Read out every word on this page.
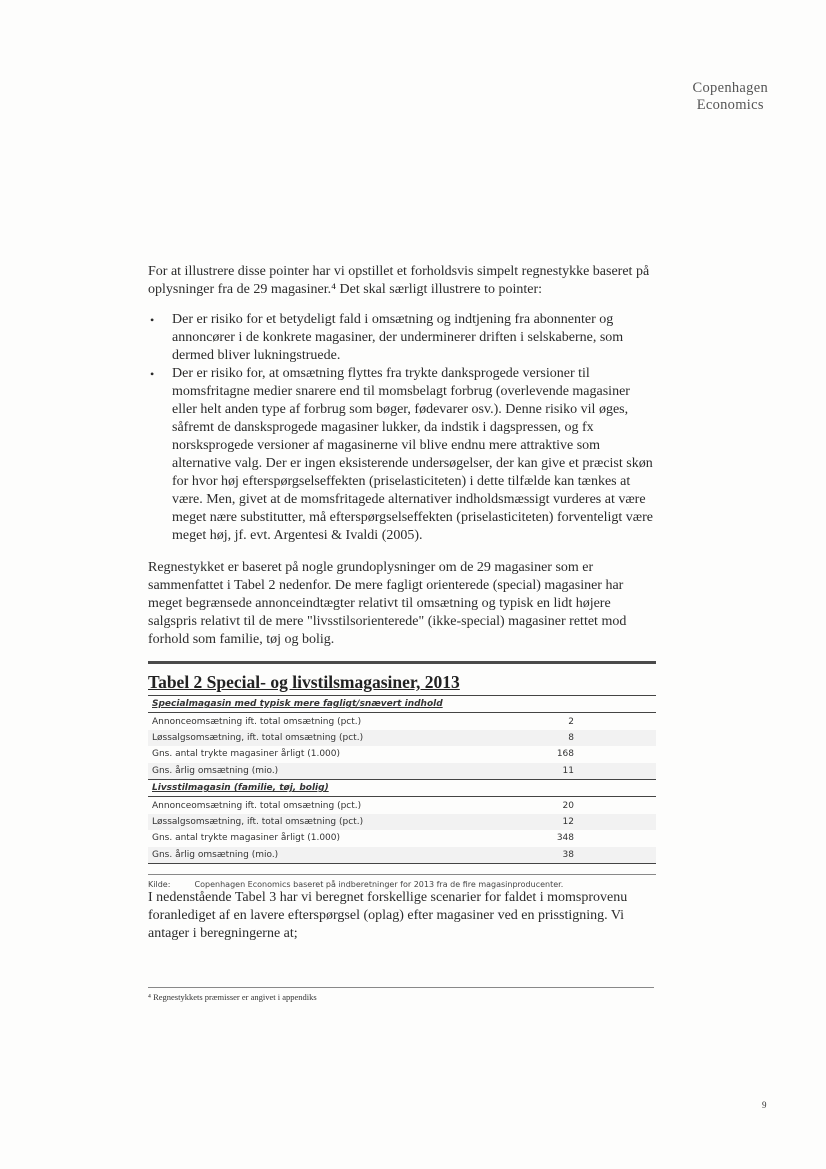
Copenhagen
Economics

For at illustrere disse pointer har vi opstillet et forholdsvis simpelt regnestykke baseret på oplysninger fra de 29 magasiner.⁴ Det skal særligt illustrere to pointer:

• Der er risiko for et betydeligt fald i omsætning og indtjening fra abonnenter og annoncører i de konkrete magasiner, der underminerer driften i selskaberne, som dermed bliver lukningstruede.
• Der er risiko for, at omsætning flyttes fra trykte danksprogede versioner til momsfritagne medier snarere end til momsbelagt forbrug (overlevende magasiner eller helt anden type af forbrug som bøger, fødevarer osv.). Denne risiko vil øges, såfremt de dansksprogede magasiner lukker, da indstik i dagspressen, og fx norsksprogede versioner af magasinerne vil blive endnu mere attraktive som alternative valg. Der er ingen eksisterende undersøgelser, der kan give et præcist skøn for hvor høj efterspørgselseffekten (priselasticiteten) i dette tilfælde kan tænkes at være. Men, givet at de momsfritagede alternativer indholdsmæssigt vurderes at være meget nære substitutter, må efterspørgselseffekten (priselasticiteten) forventeligt være meget høj, jf. evt. Argentesi & Ivaldi (2005).

Regnestykket er baseret på nogle grundoplysninger om de 29 magasiner som er sammenfattet i Tabel 2 nedenfor. De mere fagligt orienterede (special) magasiner har meget begrænsede annonceindtægter relativt til omsætning og typisk en lidt højere salgspris relativt til de mere "livsstilsorienterede" (ikke-special) magasiner rettet mod forhold som familie, tøj og bolig.

Tabel 2 Special- og livstilsmagasiner, 2013
Specialmagasin med typisk mere fagligt/snævert indhold	
Annonceomsætning ift. total omsætning (pct.)	2
Løssalgsomsætning, ift. total omsætning (pct.)	8
Gns. antal trykte magasiner årligt (1.000)	168
Gns. årlig omsætning (mio.)	11
Livsstilmagasin (familie, tøj, bolig)	
Annonceomsætning ift. total omsætning (pct.)	20
Løssalgsomsætning, ift. total omsætning (pct.)	12
Gns. antal trykte magasiner årligt (1.000)	348
Gns. årlig omsætning (mio.)	38
Kilde:	Copenhagen Economics baseret på indberetninger for 2013 fra de fire magasinproducenter.

I nedenstående Tabel 3 har vi beregnet forskellige scenarier for faldet i momsprovenu foranlediget af en lavere efterspørgsel (oplag) efter magasiner ved en prisstigning. Vi antager i beregningerne at;

⁴ Regnestykkets præmisser er angivet i appendiks
9
